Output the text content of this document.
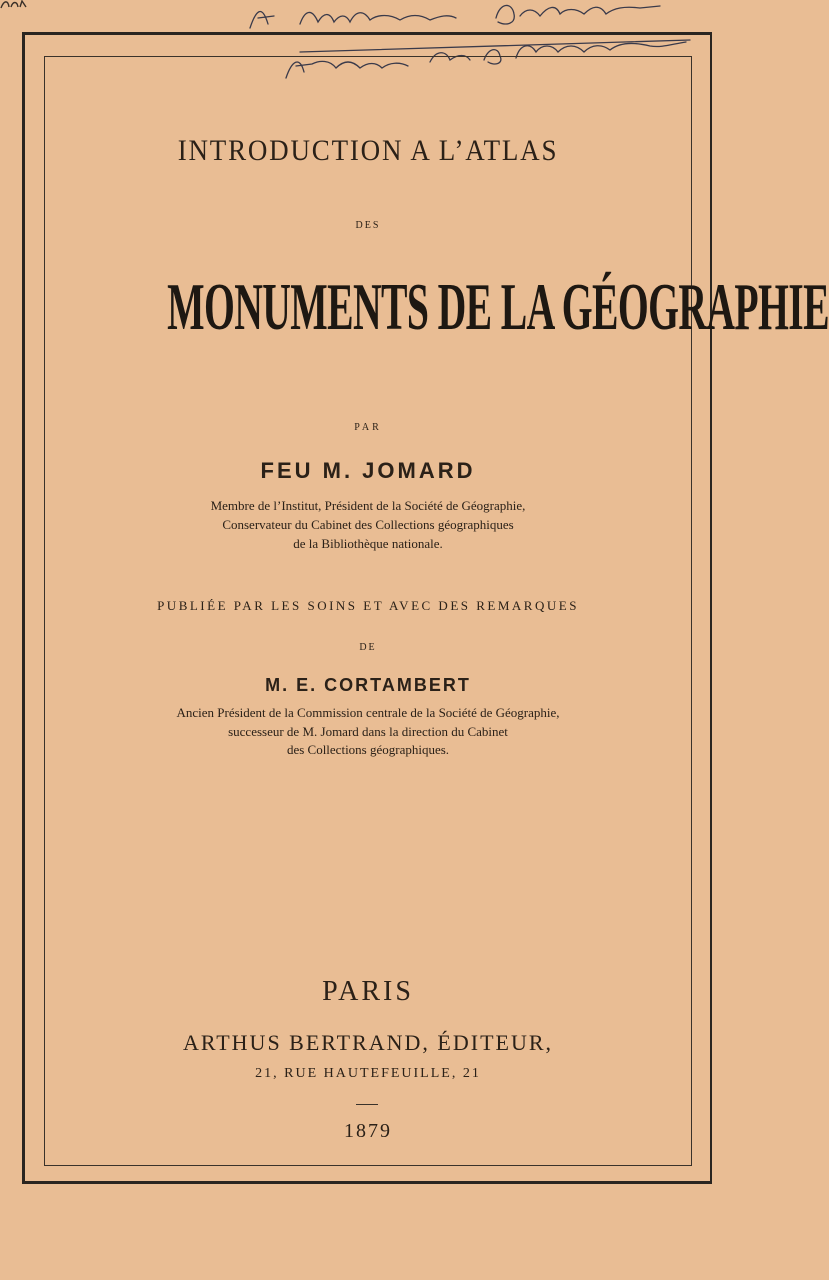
INTRODUCTION A L’ATLAS
DES
MONUMENTS DE LA GÉOGRAPHIE
PAR
FEU M. JOMARD
Membre de l’Institut, Président de la Société de Géographie,
Conservateur du Cabinet des Collections géographiques
de la Bibliothèque nationale.
PUBLIÉE PAR LES SOINS ET AVEC DES REMARQUES
DE
M. E. CORTAMBERT
Ancien Président de la Commission centrale de la Société de Géographie,
successeur de M. Jomard dans la direction du Cabinet
des Collections géographiques.
PARIS
ARTHUS BERTRAND, ÉDITEUR,
21, RUE HAUTEFEUILLE, 21
1879
